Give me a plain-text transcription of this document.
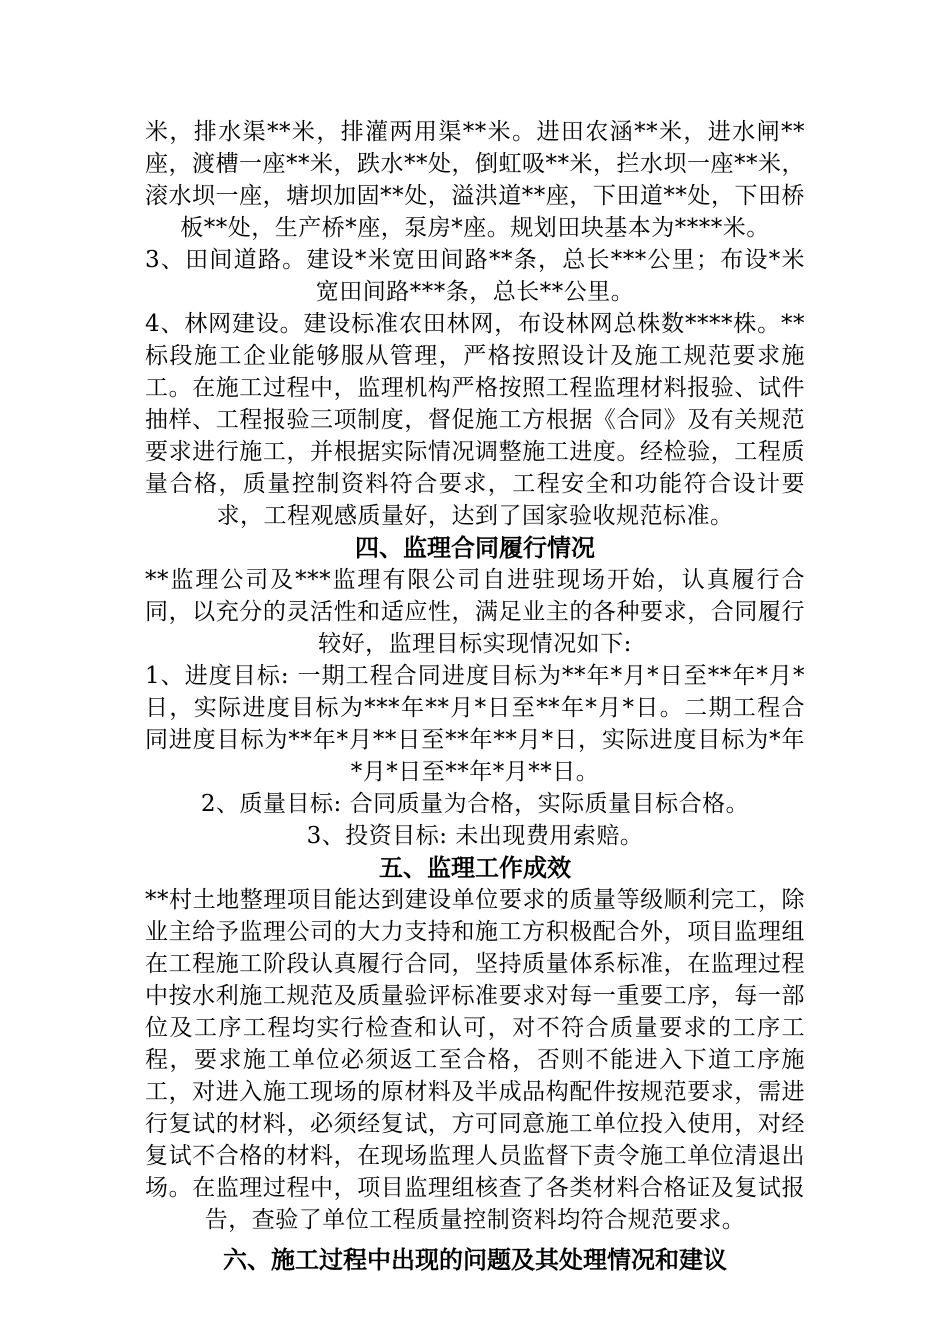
米，排水渠**米，排灌两用渠**米。进田农涵**米，进水闸**座，渡槽一座**米，跌水**处，倒虹吸**米，拦水坝一座**米，滚水坝一座，塘坝加固**处，溢洪道**座，下田道**处，下田桥板**处，生产桥*座，泵房*座。规划田块基本为****米。

3、田间道路。建设*米宽田间路**条，总长***公里；布设*米宽田间路***条，总长**公里。

4、林网建设。建设标准农田林网，布设林网总株数****株。**标段施工企业能够服从管理，严格按照设计及施工规范要求施工。在施工过程中，监理机构严格按照工程监理材料报验、试件抽样、工程报验三项制度，督促施工方根据《合同》及有关规范要求进行施工，并根据实际情况调整施工进度。经检验，工程质量合格，质量控制资料符合要求，工程安全和功能符合设计要求，工程观感质量好，达到了国家验收规范标准。

四、监理合同履行情况

**监理公司及***监理有限公司自进驻现场开始，认真履行合同，以充分的灵活性和适应性，满足业主的各种要求，合同履行较好，监理目标实现情况如下:

1、进度目标: 一期工程合同进度目标为**年*月*日至**年*月*日，实际进度目标为***年**月*日至**年*月*日。二期工程合同进度目标为**年*月**日至**年**月*日，实际进度目标为*年*月*日至**年*月**日。

2、质量目标: 合同质量为合格，实际质量目标合格。

3、投资目标: 未出现费用索赔。

五、监理工作成效

**村土地整理项目能达到建设单位要求的质量等级顺利完工，除业主给予监理公司的大力支持和施工方积极配合外，项目监理组在工程施工阶段认真履行合同，坚持质量体系标准，在监理过程中按水利施工规范及质量验评标准要求对每一重要工序，每一部位及工序工程均实行检查和认可，对不符合质量要求的工序工程，要求施工单位必须返工至合格，否则不能进入下道工序施工，对进入施工现场的原材料及半成品构配件按规范要求，需进行复试的材料，必须经复试，方可同意施工单位投入使用，对经复试不合格的材料，在现场监理人员监督下责令施工单位清退出场。在监理过程中，项目监理组核查了各类材料合格证及复试报告，查验了单位工程质量控制资料均符合规范要求。

六、施工过程中出现的问题及其处理情况和建议
